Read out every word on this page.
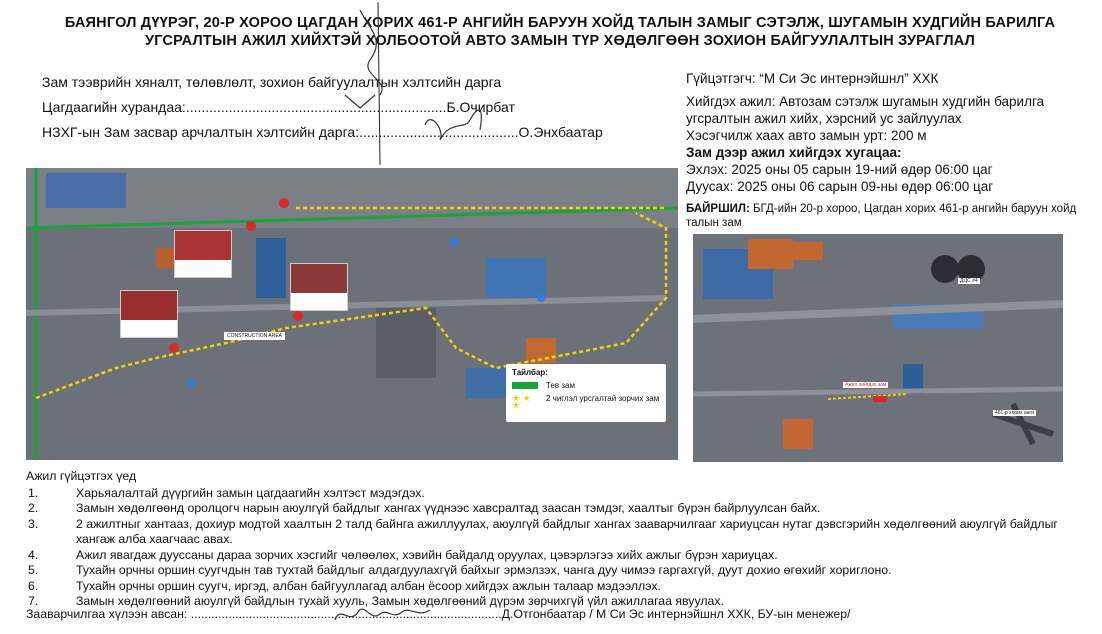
БАЯНГОЛ ДҮҮРЭГ, 20-Р ХОРОО ЦАГДАН ХОРИХ 461-Р АНГИЙН БАРУУН ХОЙД ТАЛЫН ЗАМЫГ СЭТЭЛЖ, ШУГАМЫН ХУДГИЙН БАРИЛГА
УГСРАЛТЫН АЖИЛ ХИЙХТЭЙ ХОЛБООТОЙ АВТО ЗАМЫН ТҮР ХӨДӨЛГӨӨН ЗОХИОН БАЙГУУЛАЛТЫН ЗУРАГЛАЛ
Зам тээврийн хяналт, төлөвлөлт, зохион байгуулалтын хэлтсийн дарга
Цагдаагийн хурандаа: ................................................................... Б.Очирбат
НЗХГ-ын Зам засвар арчлалтын хэлтсийн дарга: ......................................... О.Энхбаатар
Гүйцэтгэгч: “М Си Эс интернэйшнл” ХХК
Хийгдэх ажил: Автозам сэтэлж шугамын худгийн барилга угсралтын ажил хийх, хэрсний ус зайлуулах
Хэсэгчилж хаах авто замын урт: 200 м
Зам дээр ажил хийгдэх хугацаа:
Эхлэх: 2025 оны 05 сарын 19-ний өдөр 06:00 цаг
Дуусах: 2025 оны 06 сарын 09-ны өдөр 06:00 цаг
БАЙРШИЛ: БГД-ийн 20-р хороо, Цагдан хорих 461-р ангийн баруун хойд талын зам
CONSTRUCTION AREA
Тайлбар:
Тев зам
★ ★ ★
2 чиглэл урсгалтай зорчих зам
ДЦС #4
Ажил хийгдэх зам
461-р хорих анги
Ажил гүйцэтгэх үед
1.	Харьяалалтай дүүргийн замын цагдаагийн хэлтэст мэдэгдэх.
2.	Замын хөдөлгөөнд оролцогч нарын аюулгүй байдлыг хангах үүднээс хавсралтад заасан тэмдэг, хаалтыг бүрэн байрлуулсан байх.
3.	2 ажилтныг хантааз, дохиур модтой хаалтын 2 талд байнга ажиллуулах, аюулгүй байдлыг хангах зааварчилгааг хариуцсан нутаг дэвсгэрийн хөдөлгөөний аюулгүй байдлыг хангаж алба хаагчаас авах.
4.	Ажил явагдаж дууссаны дараа зорчих хэсгийг чөлөөлөх, хэвийн байдалд оруулах, цэвэрлэгээ хийх ажлыг бүрэн хариуцах.
5.	Тухайн орчны оршин суугчдын тав тухтай байдлыг алдагдуулахгүй байхыг эрмэлзэх, чанга дуу чимээ гаргахгүй, дуут дохио өгөхийг хориглоно.
6.	Тухайн орчны оршин суугч, иргэд, албан байгууллагад албан ёсоор хийгдэх ажлын талаар мэдээллэх.
7.	Замын хөдөлгөөний аюулгүй байдлын тухай хууль, Замын хөдөлгөөний дүрэм зөрчихгүй үйл ажиллагаа явуулах.
Зааварчилгаа хүлээн авсан: ...........................................................................................Д.Отгонбаатар / М Си Эс интернэйшнл ХХК, БУ-ын менежер/
